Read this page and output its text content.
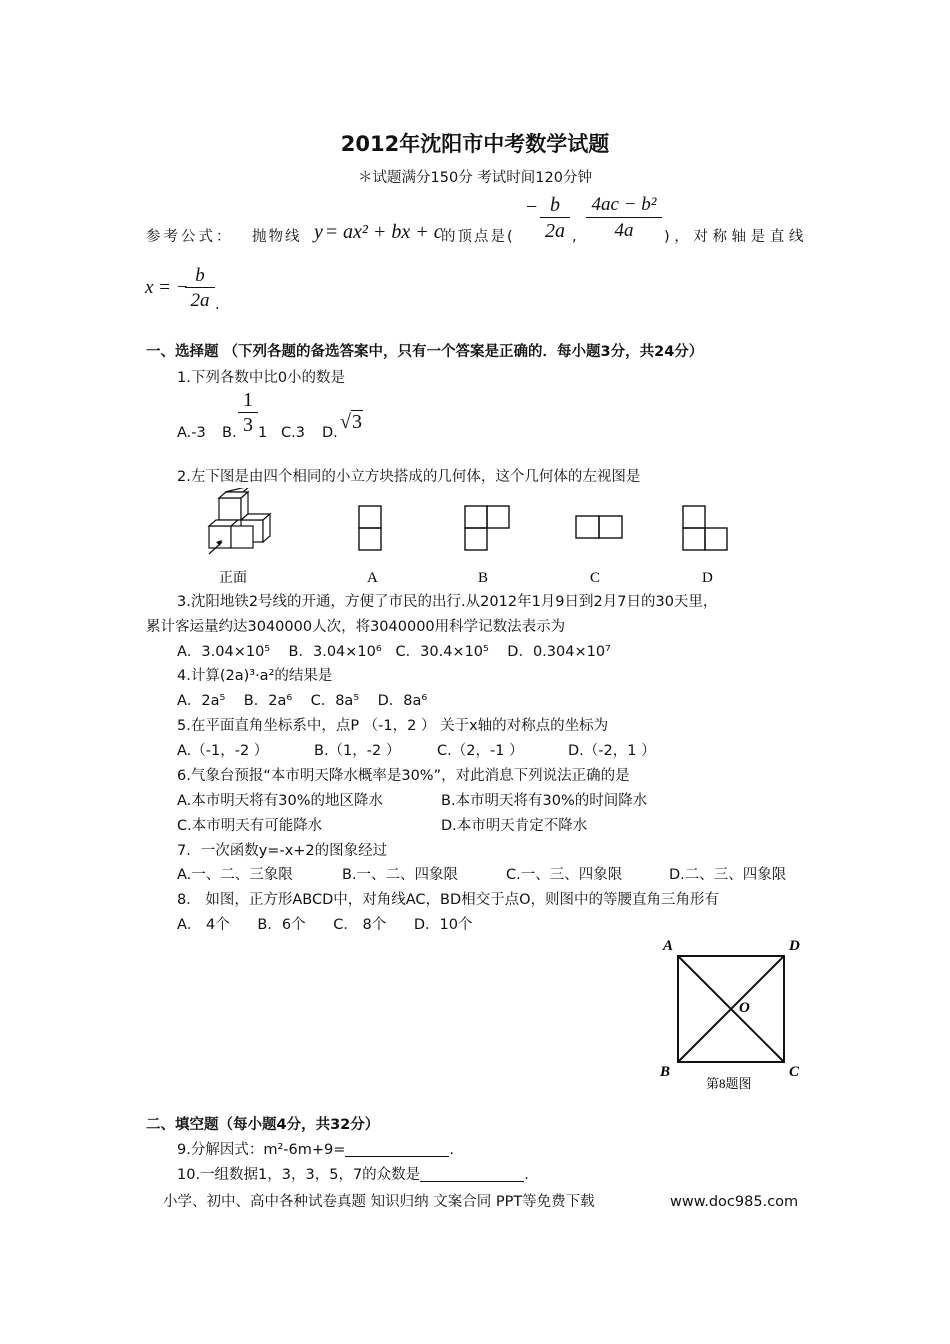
2012年沈阳市中考数学试题
＊试题满分150分 考试时间120分钟
参考公式： 抛物线 y = ax² + bx + c
的顶点是(
− $\frac{b}{2a}$ , $\frac{\text{4ac − b²}}{4a}$ )，对称轴是直线
x = −
$\frac{b}{2a}$ .
一、选择题 （下列各题的备选答案中，只有一个答案是正确的．每小题3分，共24分）
1.下列各数中比0小的数是
A.-3 B. $\frac{1}{3} 1$ C.3 D. √3
2.左下图是由四个相同的小立方块搭成的几何体，这个几何体的左视图是
正面	A	B	C	D
3.沈阳地铁2号线的开通，方便了市民的出行.从2012年1月9日到2月7日的30天里，
累计客运量约达3040000人次，将3040000用科学记数法表示为
A．3.04×10⁵    B．3.04×10⁶   C．30.4×10⁵    D．0.304×10⁷
4.计算(2a)³·a²的结果是
A．2a⁵    B．2a⁶    C．8a⁵    D．8a⁶
5.在平面直角坐标系中，点P （-1，2 ） 关于x轴的对称点的坐标为
A.（-1，-2 ）	B.（1，-2 ）	C.（2，-1 ）	D.（-2，1 ）
6.气象台预报“本市明天降水概率是30%”，对此消息下列说法正确的是
A.本市明天将有30%的地区降水	B.本市明天将有30%的时间降水
C.本市明天有可能降水	D.本市明天肯定不降水
7．一次函数y=-x+2的图象经过
A.一、二、三象限	B.一、二、四象限	C.一、三、四象限	D.二、三、四象限
8． 如图，正方形ABCD中，对角线AC，BD相交于点O，则图中的等腰直角三角形有
A． 4个      B．6个      C． 8个      D．10个
A	D
B	C
O
第8题图
二、填空题（每小题4分，共32分）
9.分解因式：m²-6m+9=	.
10.一组数据1，3，3，5，7的众数是	.
小学、初中、高中各种试卷真题 知识归纳 文案合同 PPT等免费下载	www.doc985.com
